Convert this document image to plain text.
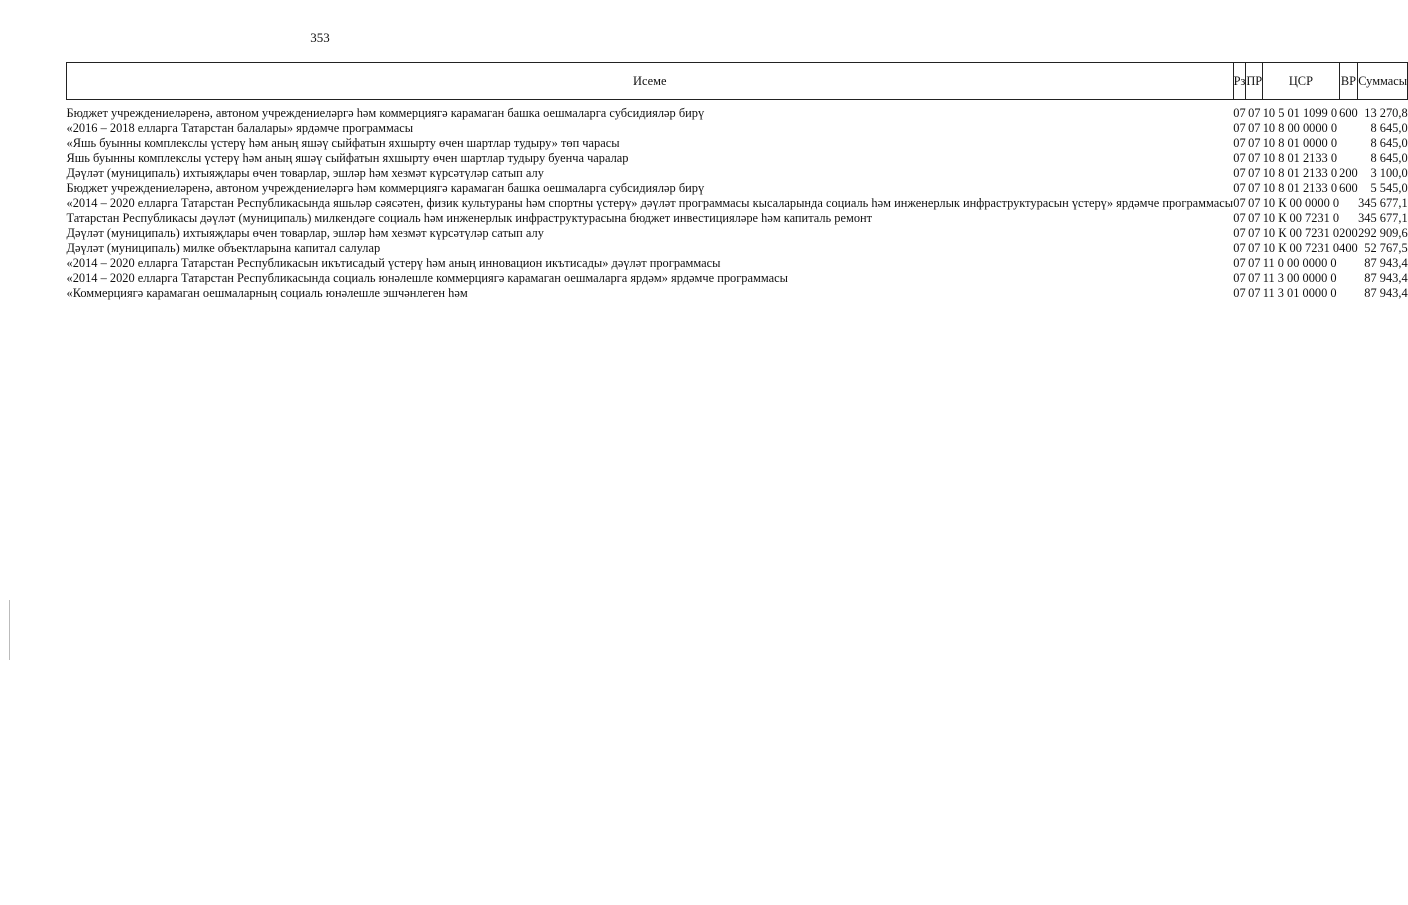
353
Исеме	Рз	ПР	ЦСР	ВР	Суммасы
Бюджет учреждениеләренә, автоном учреждениеләргә һәм коммерциягә карамаган башка оешмаларга субсидияләр бирү	07	07	10 5 01 1099 0	600	13 270,8
«2016 – 2018 елларга Татарстан балалары» ярдәмче программасы	07	07	10 8 00 0000 0		8 645,0
«Яшь буынны комплекслы үстерү һәм аның яшәү сыйфатын яхшырту өчен шартлар тудыру» төп чарасы	07	07	10 8 01 0000 0		8 645,0
Яшь буынны комплекслы үстерү һәм аның яшәү сыйфатын яхшырту өчен шартлар тудыру буенча чаралар	07	07	10 8 01 2133 0		8 645,0
Дәүләт (муниципаль) ихтыяҗлары өчен товарлар, эшләр һәм хезмәт күрсәтүләр сатып алу	07	07	10 8 01 2133 0	200	3 100,0
Бюджет учреждениеләренә, автоном учреждениеләргә һәм коммерциягә карамаган башка оешмаларга субсидияләр бирү	07	07	10 8 01 2133 0	600	5 545,0
«2014 – 2020 елларга Татарстан Республикасында яшьләр сәясәтен, физик культураны һәм спортны үстерү» дәүләт программасы кысаларында социаль һәм инженерлык инфраструктурасын үстерү» ярдәмче программасы	07	07	10 К 00 0000 0		345 677,1
Татарстан Республикасы дәүләт (муниципаль) милкендәге социаль һәм инженерлык инфраструктурасына бюджет инвестицияләре һәм капиталь ремонт	07	07	10 К 00 7231 0		345 677,1
Дәүләт (муниципаль) ихтыяҗлары өчен товарлар, эшләр һәм хезмәт күрсәтүләр сатып алу	07	07	10 К 00 7231 0	200	292 909,6
Дәүләт (муниципаль) милке объектларына капитал салулар	07	07	10 К 00 7231 0	400	52 767,5
«2014 – 2020 елларга Татарстан Республикасын икътисадый үстерү һәм аның инновацион икътисады» дәүләт программасы	07	07	11 0 00 0000 0		87 943,4
«2014 – 2020 елларга Татарстан Республикасында социаль юнәлешле коммерциягә карамаган оешмаларга ярдәм» ярдәмче программасы	07	07	11 3 00 0000 0		87 943,4
«Коммерциягә карамаган оешмаларның социаль юнәлешле эшчәнлеген һәм	07	07	11 3 01 0000 0		87 943,4
